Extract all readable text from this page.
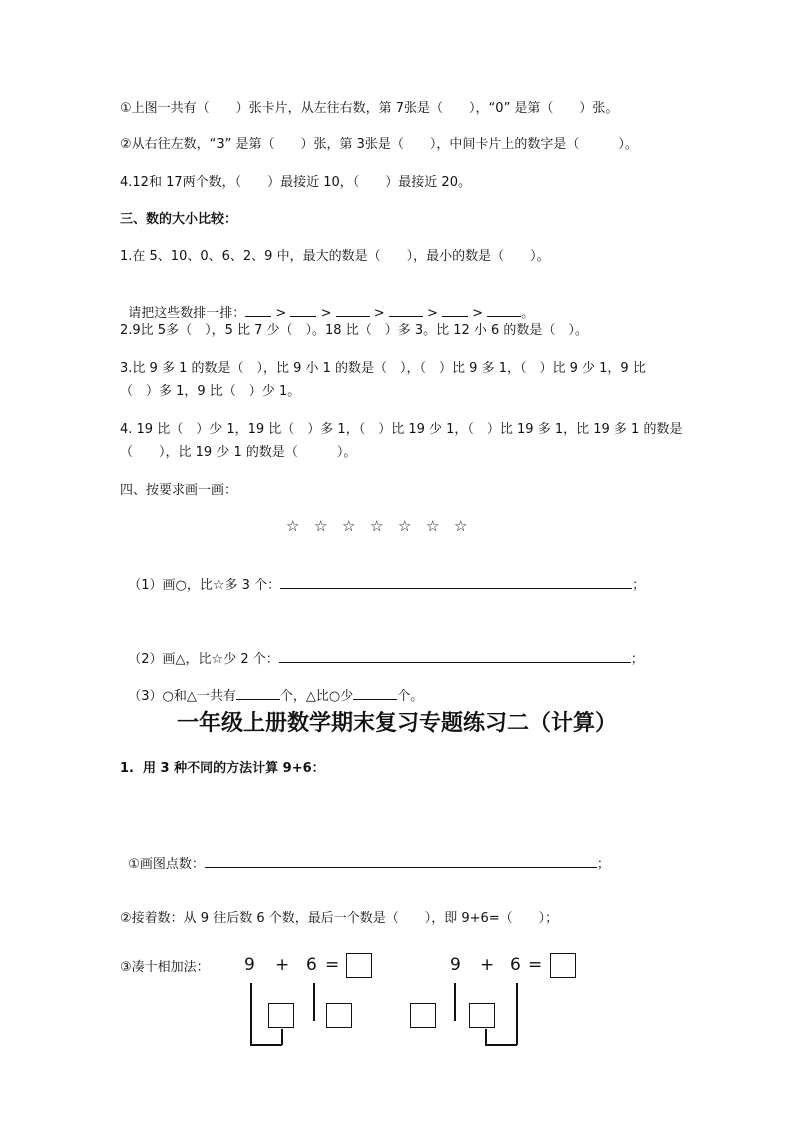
①上图一共有（　　）张卡片，从左往右数，第 7张是（　　），“0” 是第（　　）张。
②从右往左数，“3” 是第（　　）张，第 3张是（　　），中间卡片上的数字是（　　　）。
4.12和 17两个数，（　　）最接近 10，（　　）最接近 20。
三、数的大小比较：
1.在 5、10、0、6、2、9 中，最大的数是（　　），最小的数是（　　）。

请把这些数排一排： >	>	>	>	>	。

2.9比 5多（　），5 比 7 少（　）。18 比（　）多 3。比 12 小 6 的数是（　）。
3.比 9 多 1 的数是（　），比 9 小 1 的数是（　），（　）比 9 多 1，（　）比 9 少 1，9 比
（　）多 1，9 比（　）少 1。
4. 19 比（　）少 1，19 比（　）多 1，（　）比 19 少 1，（　）比 19 多 1，比 19 多 1 的数是
（　　），比 19 少 1 的数是（　　　）。
四、按要求画一画：
☆ ☆ ☆ ☆ ☆ ☆ ☆

（1）画○，比☆多 3 个：	；

（2）画△，比☆少 2 个：	；

（3）○和△一共有	个，△比○少	个。

一年级上册数学期末复习专题练习二（计算）
1.  用 3 种不同的方法计算 9+6：

①画图点数：	；

②接着数：从 9 往后数 6 个数，最后一个数是（　　），即 9+6=（　　）；
③凑十相加法： 9 + 6 =	9 + 6 =
